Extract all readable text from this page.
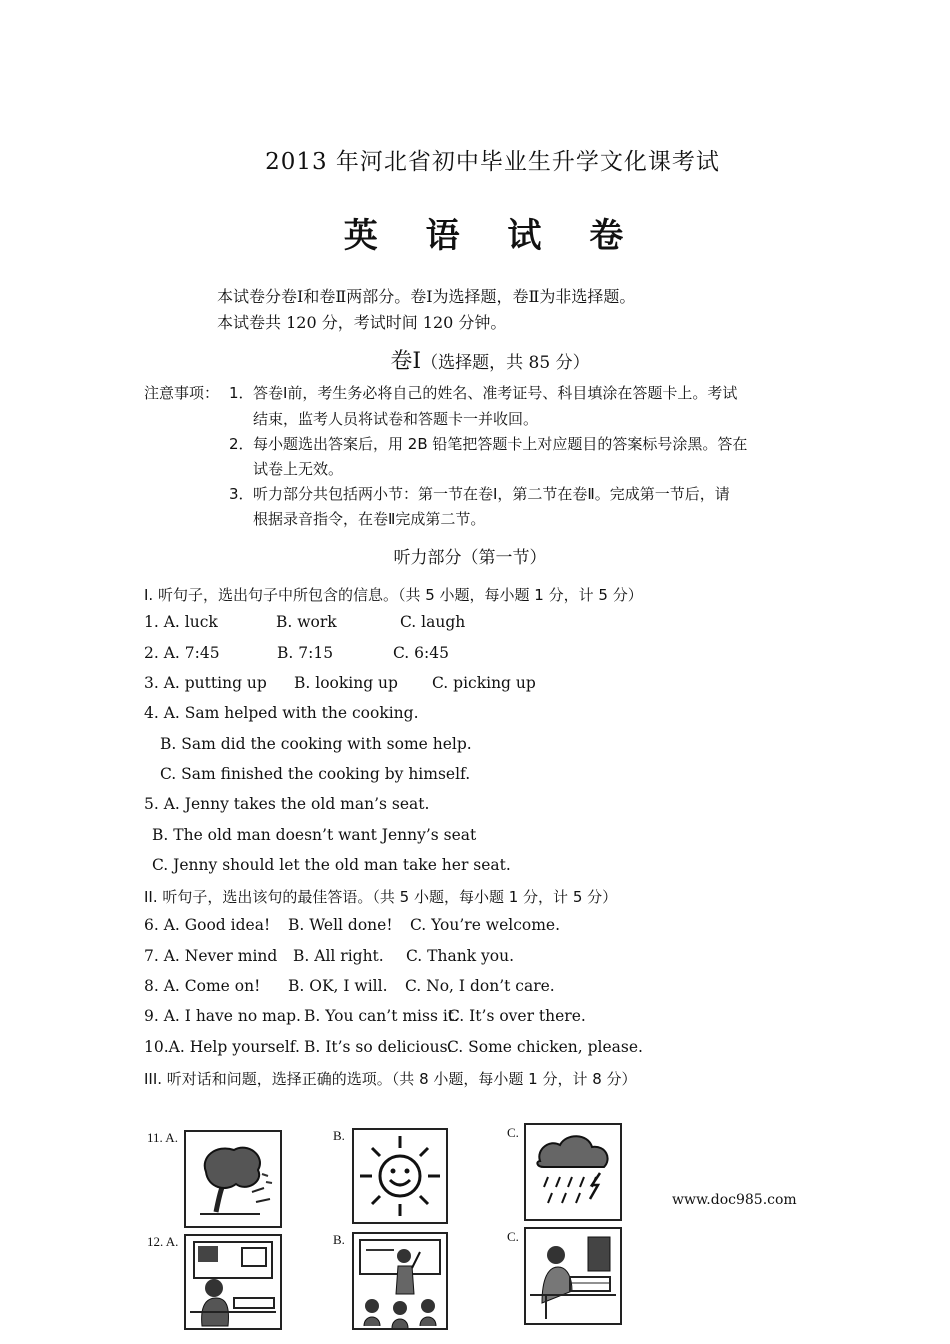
2013 年河北省初中毕业生升学文化课考试
英 语 试 卷
本试卷分卷Ⅰ和卷Ⅱ两部分。卷Ⅰ为选择题，卷Ⅱ为非选择题。
本试卷共 120 分，考试时间 120 分钟。
卷Ⅰ（选择题，共 85 分）
注意事项： 1． 答卷Ⅰ前，考生务必将自己的姓名、准考证号、科目填涂在答题卡上。考试
结束，监考人员将试卷和答题卡一并收回。
2． 每小题选出答案后，用 2B 铅笔把答题卡上对应题目的答案标号涂黑。答在
试卷上无效。
3． 听力部分共包括两小节：第一节在卷Ⅰ，第二节在卷Ⅱ。完成第一节后，请
根据录音指令，在卷Ⅱ完成第二节。
听力部分（第一节）
Ⅰ. 听句子，选出句子中所包含的信息。（共 5 小题，每小题 1 分，计 5 分）
1. A. luck	B. work	C. laugh
2. A. 7:45	B. 7:15	C. 6:45
3. A. putting up B. looking up C. picking up
4. A. Sam helped with the cooking.
B. Sam did the cooking with some help.
C. Sam finished the cooking by himself.
5. A. Jenny takes the old man’s seat.
B. The old man doesn’t want Jenny’s seat
C. Jenny should let the old man take her seat.
II. 听句子，选出该句的最佳答语。（共 5 小题，每小题 1 分，计 5 分）
6. A. Good idea! B. Well done! C. You’re welcome.
7. A. Never mind B. All right. C. Thank you.
8. A. Come on! B. OK, I will. C. No, I don’t care.
9. A. I have no map. B. You can’t miss it.C. It’s over there.
10.A. Help yourself. B. It’s so delicious.C. Some chicken, please.
III. 听对话和问题，选择正确的选项。（共 8 小题，每小题 1 分，计 8 分）
11. A.	B.	C.
12. A.	B.	C.
www.doc985.com
